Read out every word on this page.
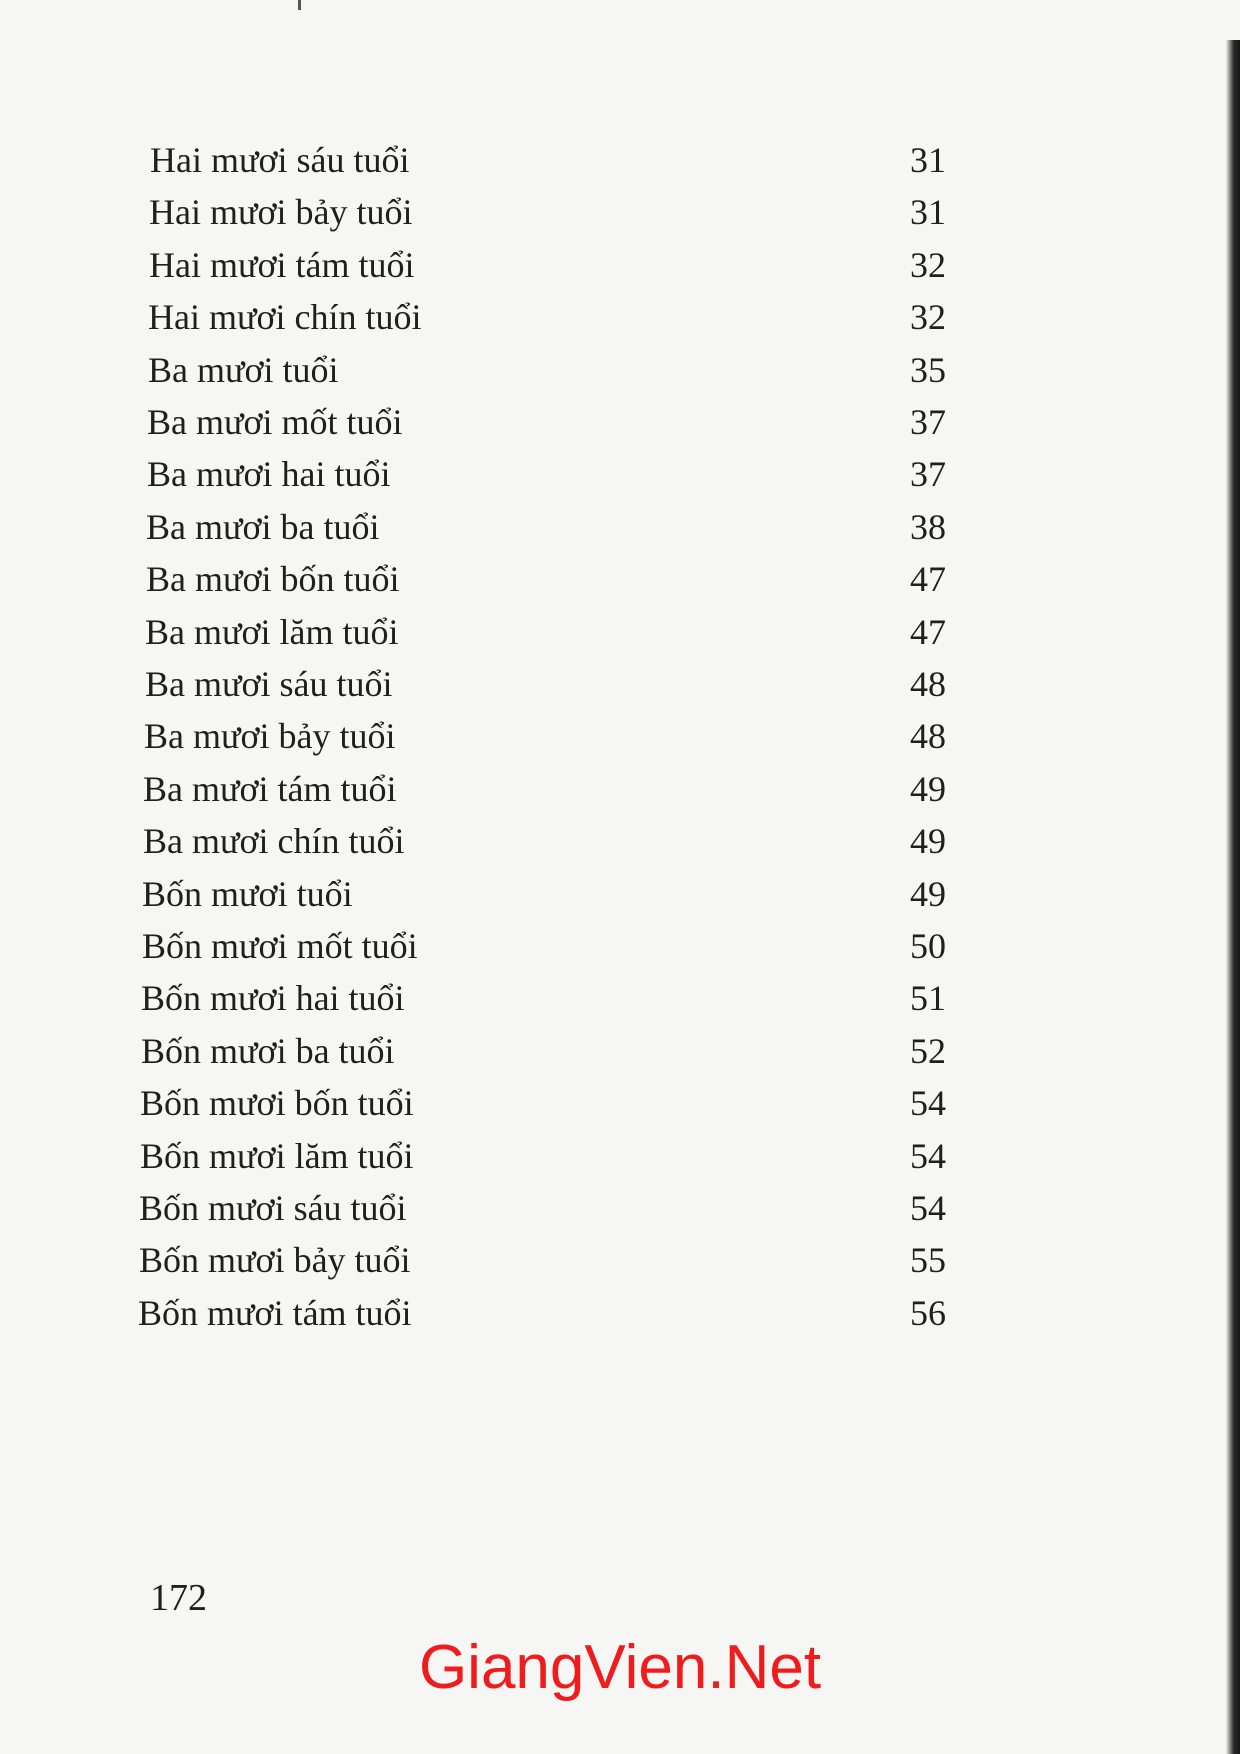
Hai mươi sáu tuổi	31
Hai mươi bảy tuổi	31
Hai mươi tám tuổi	32
Hai mươi chín tuổi	32
Ba mươi tuổi	35
Ba mươi mốt tuổi	37
Ba mươi hai tuổi	37
Ba mươi ba tuổi	38
Ba mươi bốn tuổi	47
Ba mươi lăm tuổi	47
Ba mươi sáu tuổi	48
Ba mươi bảy tuổi	48
Ba mươi tám tuổi	49
Ba mươi chín tuổi	49
Bốn mươi tuổi	49
Bốn mươi mốt tuổi	50
Bốn mươi hai tuổi	51
Bốn mươi ba tuổi	52
Bốn mươi bốn tuổi	54
Bốn mươi lăm tuổi	54
Bốn mươi sáu tuổi	54
Bốn mươi bảy tuổi	55
Bốn mươi tám tuổi	56
172
GiangVien.Net
